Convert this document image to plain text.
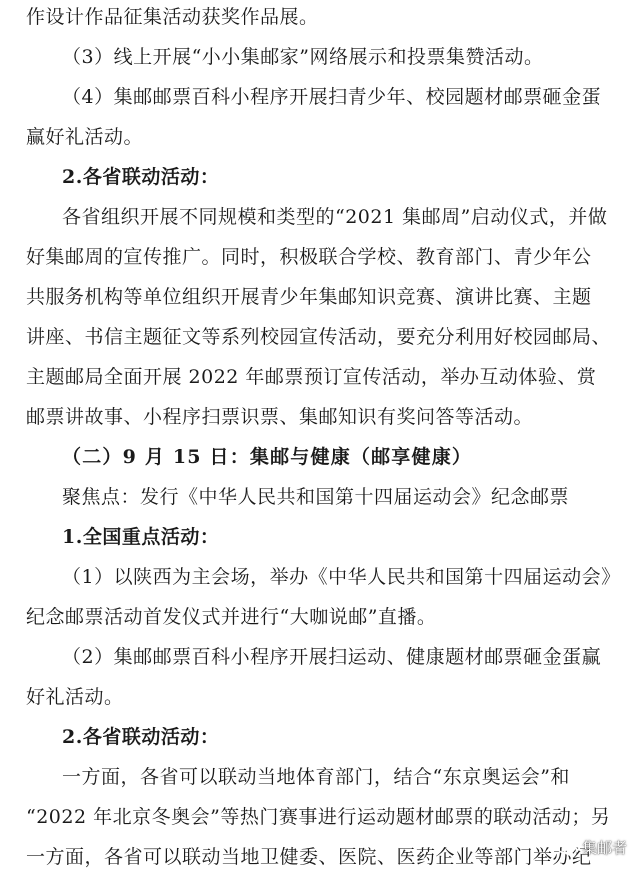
作设计作品征集活动获奖作品展。
（3）线上开展“小小集邮家”网络展示和投票集赞活动。
（4）集邮邮票百科小程序开展扫青少年、校园题材邮票砸金蛋
赢好礼活动。
2.各省联动活动：
各省组织开展不同规模和类型的“2021 集邮周”启动仪式，并做
好集邮周的宣传推广。同时，积极联合学校、教育部门、青少年公
共服务机构等单位组织开展青少年集邮知识竞赛、演讲比赛、主题
讲座、书信主题征文等系列校园宣传活动，要充分利用好校园邮局、
主题邮局全面开展 2022 年邮票预订宣传活动，举办互动体验、赏
邮票讲故事、小程序扫票识票、集邮知识有奖问答等活动。
（二）9 月 15 日：集邮与健康（邮享健康）
聚焦点：发行《中华人民共和国第十四届运动会》纪念邮票
1.全国重点活动：
（1）以陕西为主会场，举办《中华人民共和国第十四届运动会》
纪念邮票活动首发仪式并进行“大咖说邮”直播。
（2）集邮邮票百科小程序开展扫运动、健康题材邮票砸金蛋赢
好礼活动。
2.各省联动活动：
一方面，各省可以联动当地体育部门，结合“东京奥运会”和
“2022 年北京冬奥会”等热门赛事进行运动题材邮票的联动活动；另
一方面，各省可以联动当地卫健委、医院、医药企业等部门举办纪
集邮者
